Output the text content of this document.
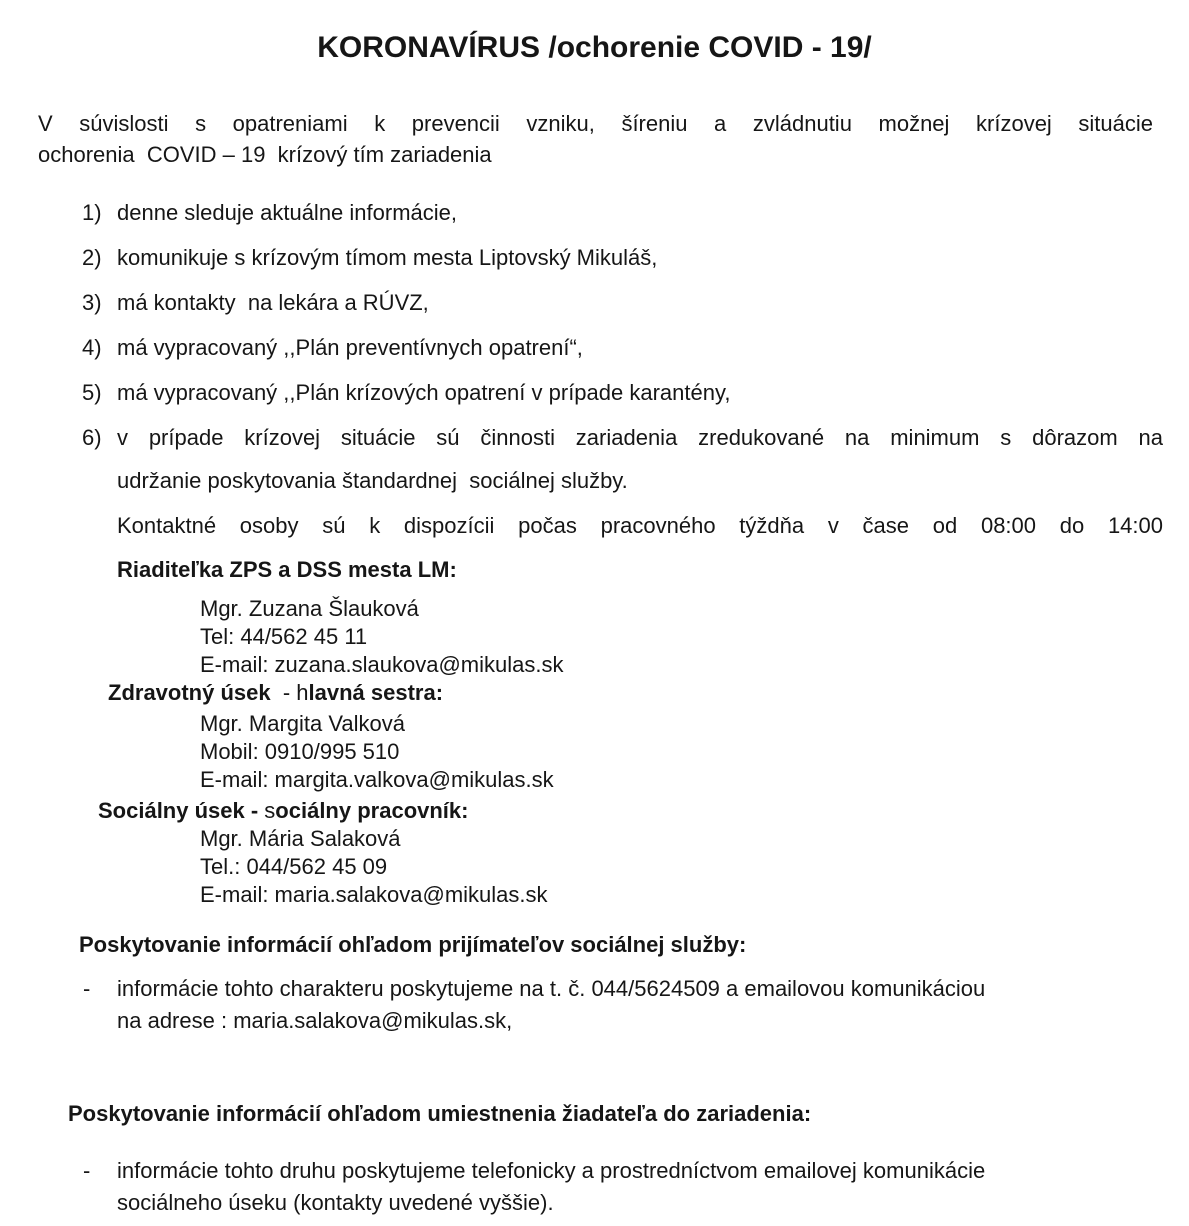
KORONAVÍRUS /ochorenie COVID - 19/

V súvislosti s opatreniami k prevencii vzniku, šíreniu a zvládnutiu možnej krízovej situácie
ochorenia  COVID – 19  krízový tím zariadenia

1) denne sleduje aktuálne informácie,
2) komunikuje s krízovým tímom mesta Liptovský Mikuláš,
3) má kontakty  na lekára a RÚVZ,
4) má vypracovaný ,,Plán preventívnych opatrení“,
5) má vypracovaný ,,Plán krízových opatrení v prípade karantény,
6) v prípade krízovej situácie sú činnosti zariadenia zredukované na minimum s dôrazom na
udržanie poskytovania štandardnej  sociálnej služby.

Kontaktné osoby sú k dispozícii počas pracovného týždňa v čase od 08:00 do 14:00

Riaditeľka ZPS a DSS mesta LM:

Mgr. Zuzana Šlauková
Tel: 44/562 45 11
E-mail: zuzana.slaukova@mikulas.sk

Zdravotný úsek  - hlavná sestra:

Mgr. Margita Valková
Mobil: 0910/995 510
E-mail: margita.valkova@mikulas.sk

Sociálny úsek - sociálny pracovník:

Mgr. Mária Salaková
Tel.: 044/562 45 09
E-mail: maria.salakova@mikulas.sk

Poskytovanie informácií ohľadom prijímateľov sociálnej služby:

-	informácie tohto charakteru poskytujeme na t. č. 044/5624509 a emailovou komunikáciou
na adrese : maria.salakova@mikulas.sk,

Poskytovanie informácií ohľadom umiestnenia žiadateľa do zariadenia:

-	informácie tohto druhu poskytujeme telefonicky a prostredníctvom emailovej komunikácie
sociálneho úseku (kontakty uvedené vyššie).
